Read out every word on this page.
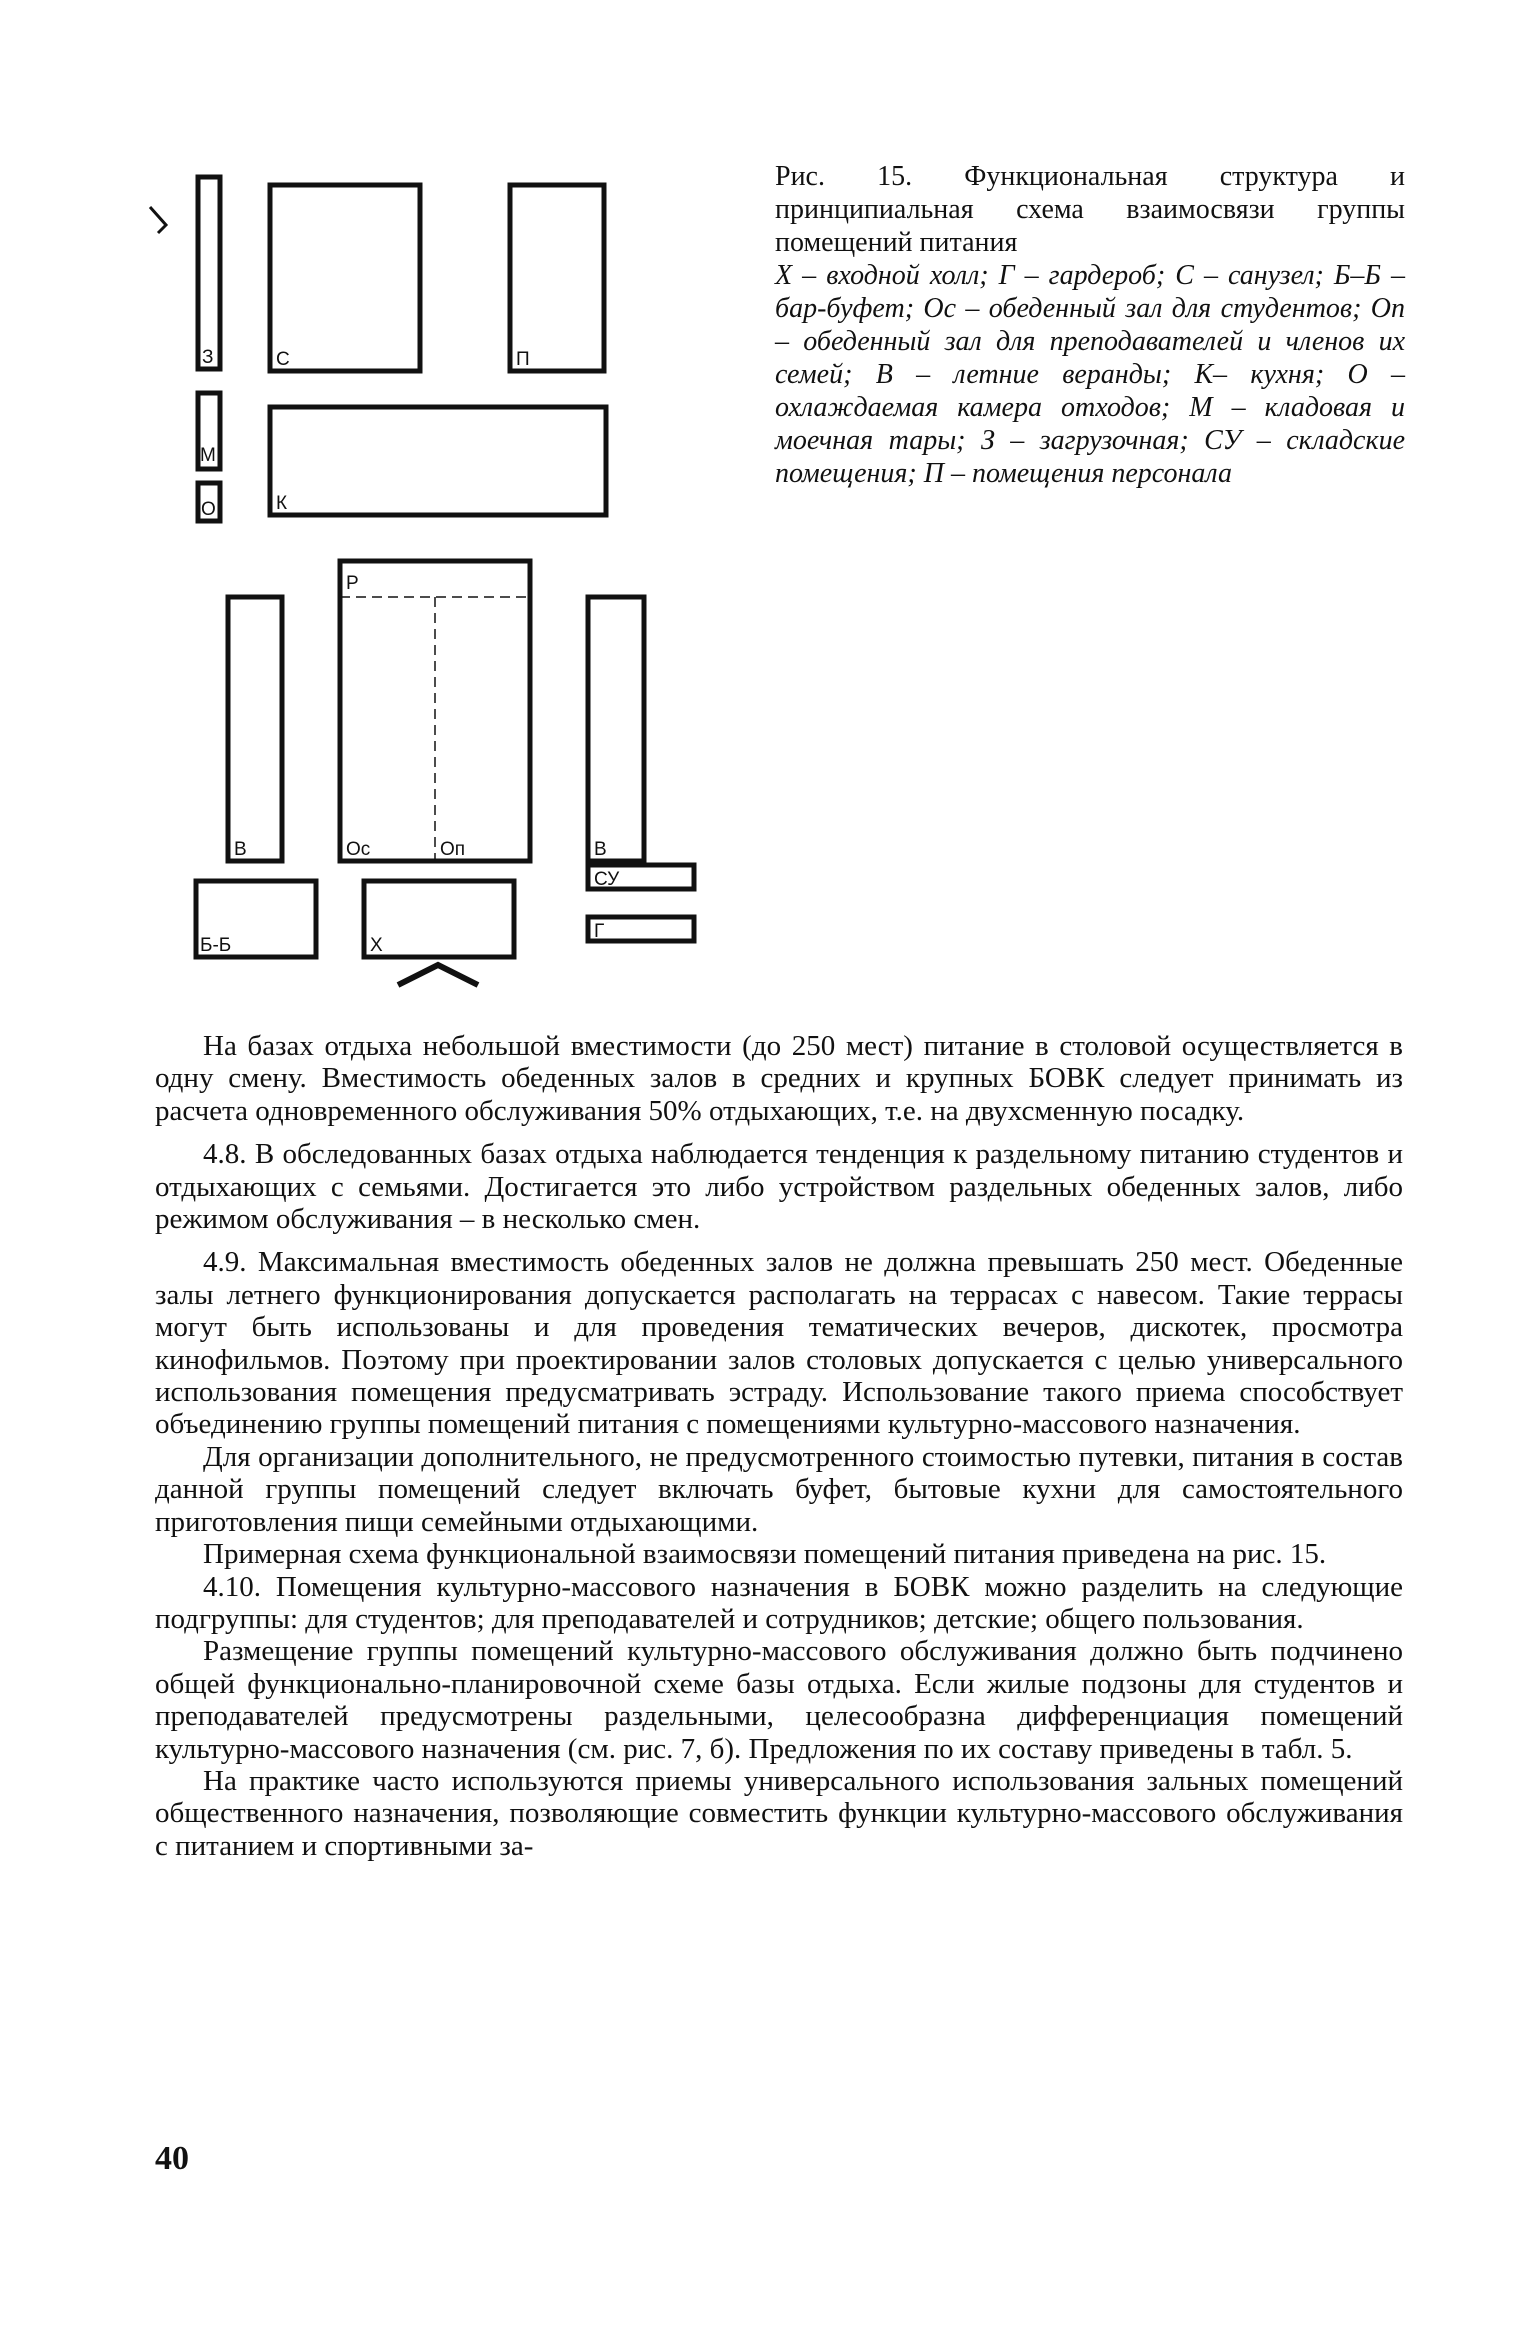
З	С	П
М
К
О
В
Р
Ос	Оп	В
Б-Б	Х
СУ
Г
Рис. 15. Функциональная структура и принципиальная схема взаимосвязи группы помещений питания
Х – входной холл; Г – гардероб; С – санузел; Б–Б – бар-буфет; Ос – обеденный зал для студентов; Оп – обеденный зал для преподавателей и членов их семей; В – летние веранды; К– кухня; О – охлаждаемая камера отходов; М – кладовая и моечная тары; З – загрузочная; СУ – складские помещения; П – помещения персонала

На базах отдыха небольшой вместимости (до 250 мест) питание в столовой осуществляется в одну смену. Вместимость обеденных залов в средних и крупных БОВК следует принимать из расчета одновременного обслуживания 50% отдыхающих, т.е. на двухсменную посадку.

4.8. В обследованных базах отдыха наблюдается тенденция к раздельному питанию студентов и отдыхающих с семьями. Достигается это либо устройством раздельных обеденных залов, либо режимом обслуживания – в несколько смен.

4.9. Максимальная вместимость обеденных залов не должна превышать 250 мест. Обеденные залы летнего функционирования допускается располагать на террасах с навесом. Такие террасы могут быть использованы и для проведения тематических вечеров, дискотек, просмотра кинофильмов. Поэтому при проектировании залов столовых допускается с целью универсального использования помещения предусматривать эстраду. Использование такого приема способствует объединению группы помещений питания с помещениями культурно-массового назначения.

Для организации дополнительного, не предусмотренного стоимостью путевки, питания в состав данной группы помещений следует включать буфет, бытовые кухни для самостоятельного приготовления пищи семейными отдыхающими.

Примерная схема функциональной взаимосвязи помещений питания приведена на рис. 15.

4.10. Помещения культурно-массового назначения в БОВК можно разделить на следующие подгруппы: для студентов; для преподавателей и сотрудников; детские; общего пользования.

Размещение группы помещений культурно-массового обслуживания должно быть подчинено общей функционально-планировочной схеме базы отдыха. Если жилые подзоны для студентов и преподавателей предусмотрены раздельными, целесообразна дифференциация помещений культурно-массового назначения (см. рис. 7, б). Предложения по их составу приведены в табл. 5.

На практике часто используются приемы универсального использования зальных помещений общественного назначения, позволяющие совместить функции культурно-массового обслуживания с питанием и спортивными за-

40
